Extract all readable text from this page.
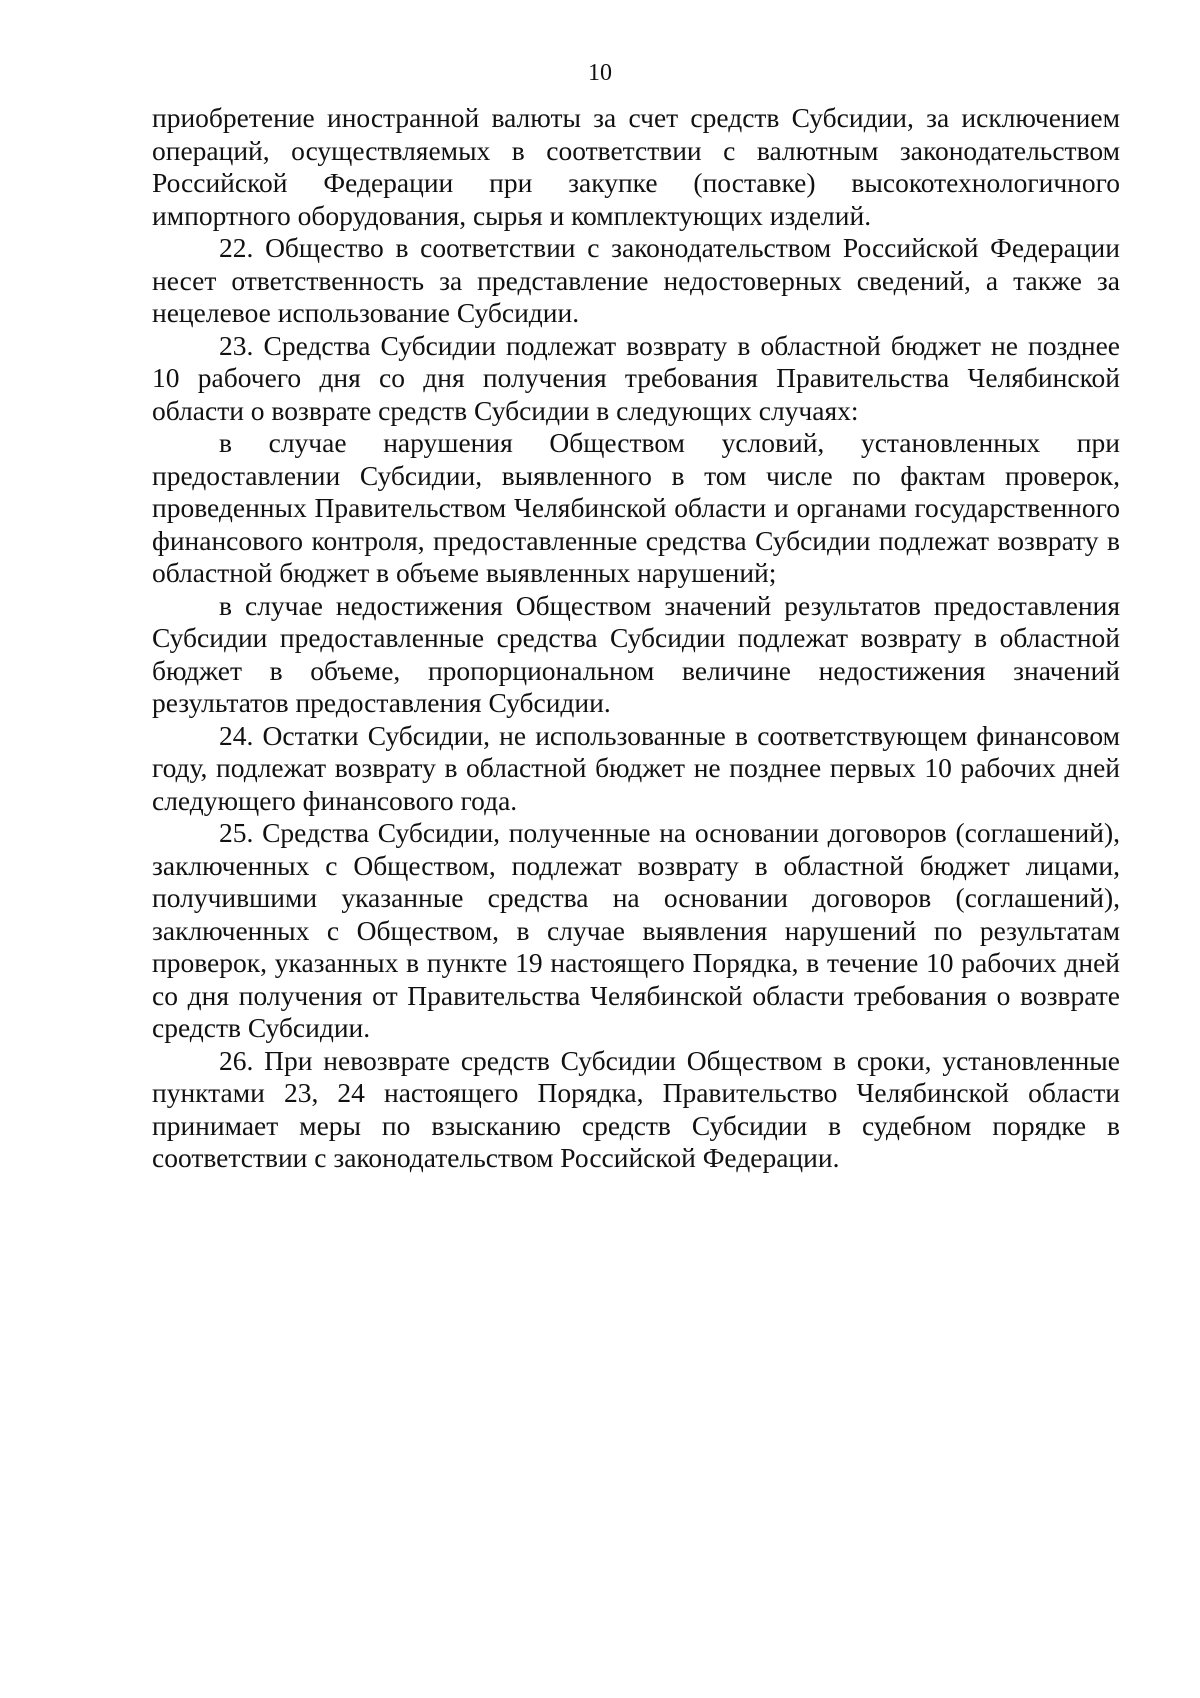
10

приобретение иностранной валюты за счет средств Субсидии, за исключением операций, осуществляемых в соответствии с валютным законодательством Российской Федерации при закупке (поставке) высокотехнологичного импортного оборудования, сырья и комплектующих изделий.

22. Общество в соответствии с законодательством Российской Федерации несет ответственность за представление недостоверных сведений, а также за нецелевое использование Субсидии.

23. Средства Субсидии подлежат возврату в областной бюджет не позднее 10 рабочего дня со дня получения требования Правительства Челябинской области о возврате средств Субсидии в следующих случаях:

в случае нарушения Обществом условий, установленных при предоставлении Субсидии, выявленного в том числе по фактам проверок, проведенных Правительством Челябинской области и органами государственного финансового контроля, предоставленные средства Субсидии подлежат возврату в областной бюджет в объеме выявленных нарушений;

в случае недостижения Обществом значений результатов предоставления Субсидии предоставленные средства Субсидии подлежат возврату в областной бюджет в объеме, пропорциональном величине недостижения значений результатов предоставления Субсидии.

24. Остатки Субсидии, не использованные в соответствующем финансовом году, подлежат возврату в областной бюджет не позднее первых 10 рабочих дней следующего финансового года.

25. Средства Субсидии, полученные на основании договоров (соглашений), заключенных с Обществом, подлежат возврату в областной бюджет лицами, получившими указанные средства на основании договоров (соглашений), заключенных с Обществом, в случае выявления нарушений по результатам проверок, указанных в пункте 19 настоящего Порядка, в течение 10 рабочих дней со дня получения от Правительства Челябинской области требования о возврате средств Субсидии.

26. При невозврате средств Субсидии Обществом в сроки, установленные пунктами 23, 24 настоящего Порядка, Правительство Челябинской области принимает меры по взысканию средств Субсидии в судебном порядке в соответствии с законодательством Российской Федерации.
